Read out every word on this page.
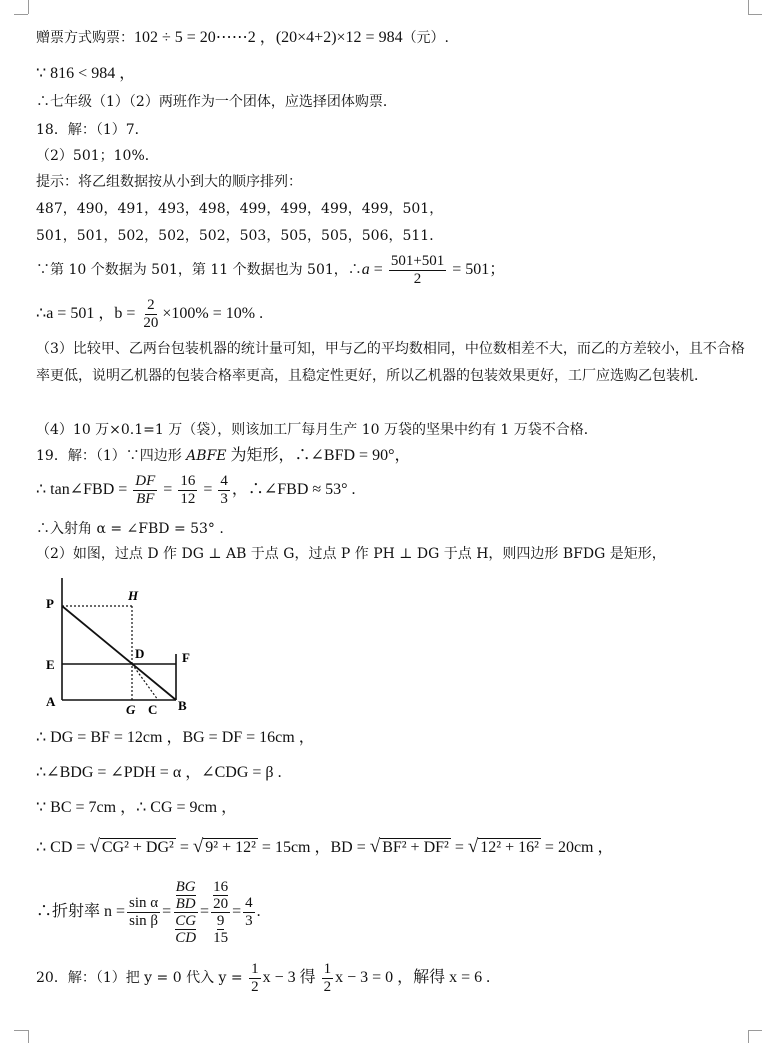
赠票方式购票：102 ÷ 5 = 20⋯⋯2 ，(20×4+2)×12 = 984（元）.
∵ 816 < 984 ，
∴七年级（1）（2）两班作为一个团体，应选择团体购票．
18．解：（1）7．
（2）501；10%．
提示：将乙组数据按从小到大的顺序排列：
487，490，491，493，498，499，499，499，499，501，
501，501，502，502，502，503，505，505，506，511．
∵第 10 个数据为 501，第 11 个数据也为 501，∴a = $\frac{501+501}{2} = 501$；
∴a = 501 ，$b = \frac{2}{20} \times 100\% = 10\%$ .
（3）比较甲、乙两台包装机器的统计量可知，甲与乙的平均数相同，中位数相差不大，而乙的方差较小，且不合格率更低，说明乙机器的包装合格率更高，且稳定性更好，所以乙机器的包装效果更好，工厂应选购乙包装机．
（4）10 万×0.1=1 万（袋），则该加工厂每月生产 10 万袋的坚果中约有 1 万袋不合格．
19．解：（1）∵四边形 ABFE 为矩形，∴∠BFD = 90°，
∴ tan∠FBD = $\frac{DF}{BF} = \frac{16}{12} = \frac{4}{3}$ ，∴∠FBD ≈ 53° .
∴入射角 α = ∠FBD = 53° .
（2）如图，过点 D 作 DG ⊥ AB 于点 G，过点 P 作 PH ⊥ DG 于点 H，则四边形 BFDG 是矩形，
P
H
D	F
E
A
G C B
∴ DG = BF = 12cm ，BG = DF = 16cm ，
∴∠BDG = ∠PDH = α ，∠CDG = β .
∵ BC = 7cm ，∴ CG = 9cm ，
∴ CD = √ CG² + DG² = √ 9² + 12² = 15cm ，BD = √ BF² + DF² = √ 12² + 16² = 20cm ，
∴折射率 $n = \frac{\text{sin α}}{\text{sin β}} = \frac{\frac{BG}{BD}}{\frac{CG}{CD}} = \frac{\frac{16}{20}}{\frac{9}{15}} = \frac{4}{3}$ .
20．解：（1）把 y = 0 代入 $y = \frac{1}{2}$ x − 3 得 $\frac{1}{2}$ x − 3 = 0 ，解得 x = 6 .
